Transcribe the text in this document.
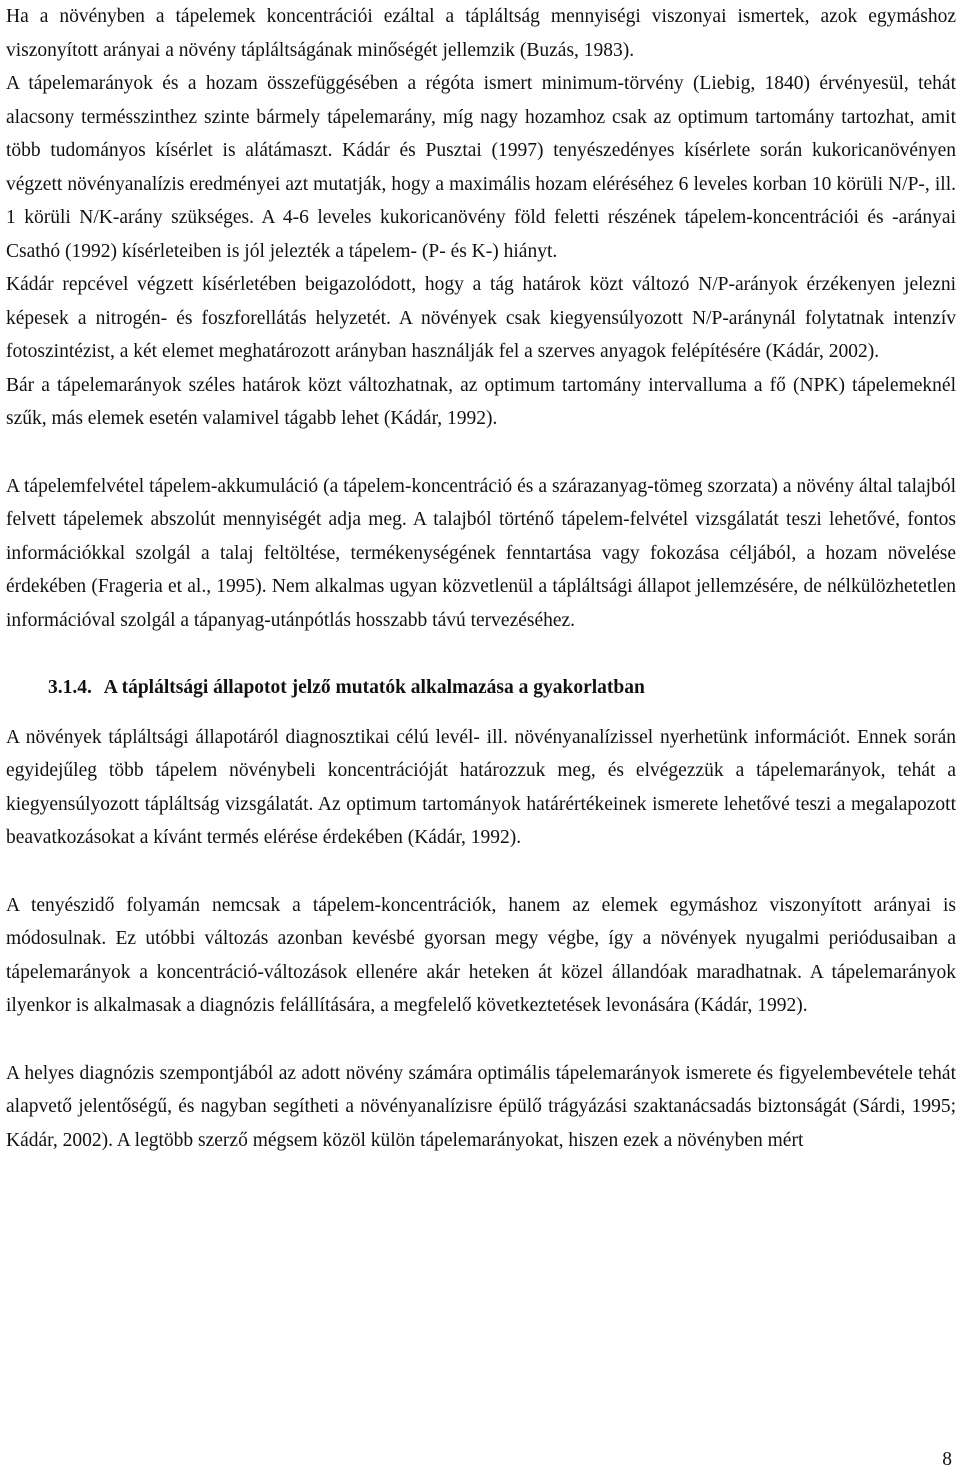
Ha a növényben a tápelemek koncentrációi ezáltal a tápláltság mennyiségi viszonyai ismertek, azok egymáshoz viszonyított arányai a növény tápláltságának minőségét jellemzik (Buzás, 1983).

A tápelemarányok és a hozam összefüggésében a régóta ismert minimum-törvény (Liebig, 1840) érvényesül, tehát alacsony termésszinthez szinte bármely tápelemarány, míg nagy hozamhoz csak az optimum tartomány tartozhat, amit több tudományos kísérlet is alátámaszt. Kádár és Pusztai (1997) tenyészedényes kísérlete során kukoricanövényen végzett növényanalízis eredményei azt mutatják, hogy a maximális hozam eléréséhez 6 leveles korban 10 körüli N/P-, ill. 1 körüli N/K-arány szükséges. A 4-6 leveles kukoricanövény föld feletti részének tápelem-koncentrációi és -arányai Csathó (1992) kísérleteiben is jól jelezték a tápelem- (P- és K-) hiányt.

Kádár repcével végzett kísérletében beigazolódott, hogy a tág határok közt változó N/P-arányok érzékenyen jelezni képesek a nitrogén- és foszforellátás helyzetét. A növények csak kiegyensúlyozott N/P-aránynál folytatnak intenzív fotoszintézist, a két elemet meghatározott arányban használják fel a szerves anyagok felépítésére (Kádár, 2002).

Bár a tápelemarányok széles határok közt változhatnak, az optimum tartomány intervalluma a fő (NPK) tápelemeknél szűk, más elemek esetén valamivel tágabb lehet (Kádár, 1992).

A tápelemfelvétel tápelem-akkumuláció (a tápelem-koncentráció és a szárazanyag-tömeg szorzata) a növény által talajból felvett tápelemek abszolút mennyiségét adja meg. A talajból történő tápelem-felvétel vizsgálatát teszi lehetővé, fontos információkkal szolgál a talaj feltöltése, termékenységének fenntartása vagy fokozása céljából, a hozam növelése érdekében (Frageria et al., 1995). Nem alkalmas ugyan közvetlenül a tápláltsági állapot jellemzésére, de nélkülözhetetlen információval szolgál a tápanyag-utánpótlás hosszabb távú tervezéséhez.

3.1.4. A tápláltsági állapotot jelző mutatók alkalmazása a gyakorlatban

A növények tápláltsági állapotáról diagnosztikai célú levél- ill. növényanalízissel nyerhetünk információt. Ennek során egyidejűleg több tápelem növénybeli koncentrációját határozzuk meg, és elvégezzük a tápelemarányok, tehát a kiegyensúlyozott tápláltság vizsgálatát. Az optimum tartományok határértékeinek ismerete lehetővé teszi a megalapozott beavatkozásokat a kívánt termés elérése érdekében (Kádár, 1992).

A tenyészidő folyamán nemcsak a tápelem-koncentrációk, hanem az elemek egymáshoz viszonyított arányai is módosulnak. Ez utóbbi változás azonban kevésbé gyorsan megy végbe, így a növények nyugalmi periódusaiban a tápelemarányok a koncentráció-változások ellenére akár heteken át közel állandóak maradhatnak. A tápelemarányok ilyenkor is alkalmasak a diagnózis felállítására, a megfelelő következtetések levonására (Kádár, 1992).

A helyes diagnózis szempontjából az adott növény számára optimális tápelemarányok ismerete és figyelembevétele tehát alapvető jelentőségű, és nagyban segítheti a növényanalízisre épülő trágyázási szaktanácsadás biztonságát (Sárdi, 1995; Kádár, 2002). A legtöbb szerző mégsem közöl külön tápelemarányokat, hiszen ezek a növényben mért

8
